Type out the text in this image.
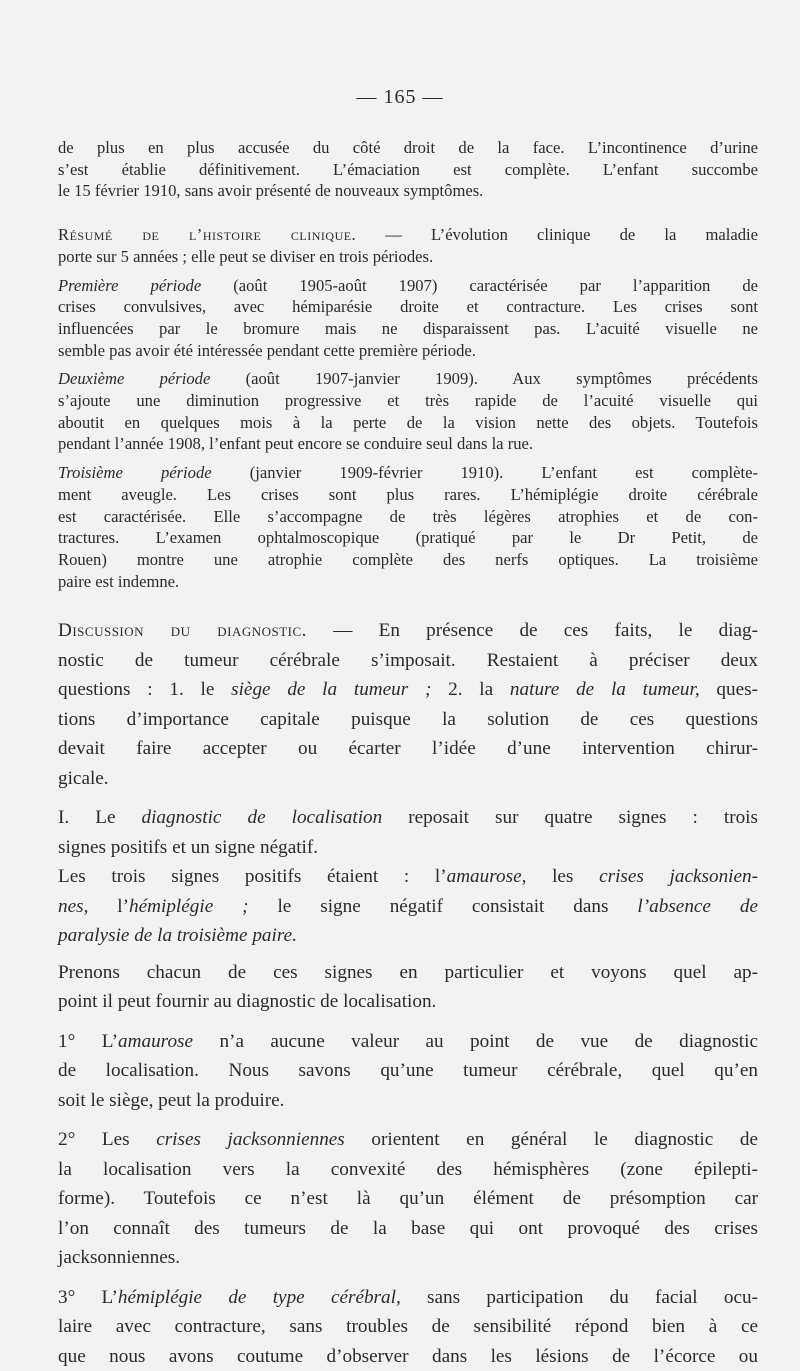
— 165 —
de plus en plus accusée du côté droit de la face. L’incontinence d’urine
s’est établie définitivement. L’émaciation est complète. L’enfant succombe
le 15 février 1910, sans avoir présenté de nouveaux symptômes.
Résumé de l’histoire clinique. — L’évolution clinique de la maladie
porte sur 5 années ; elle peut se diviser en trois périodes.
Première période (août 1905-août 1907) caractérisée par l’apparition de
crises convulsives, avec hémiparésie droite et contracture. Les crises sont
influencées par le bromure mais ne disparaissent pas. L’acuité visuelle ne
semble pas avoir été intéressée pendant cette première période.
Deuxième période (août 1907-janvier 1909). Aux symptômes précédents
s’ajoute une diminution progressive et très rapide de l’acuité visuelle qui
aboutit en quelques mois à la perte de la vision nette des objets. Toutefois
pendant l’année 1908, l’enfant peut encore se conduire seul dans la rue.
Troisième période (janvier 1909-février 1910). L’enfant est complète-
ment aveugle. Les crises sont plus rares. L’hémiplégie droite cérébrale
est caractérisée. Elle s’accompagne de très légères atrophies et de con-
tractures. L’examen ophtalmoscopique (pratiqué par le Dr Petit, de
Rouen) montre une atrophie complète des nerfs optiques. La troisième
paire est indemne.
Discussion du diagnostic. — En présence de ces faits, le diag-
nostic de tumeur cérébrale s’imposait. Restaient à préciser deux
questions : 1. le siège de la tumeur ; 2. la nature de la tumeur, ques-
tions d’importance capitale puisque la solution de ces questions
devait faire accepter ou écarter l’idée d’une intervention chirur-
gicale.
I. Le diagnostic de localisation reposait sur quatre signes : trois
signes positifs et un signe négatif.
Les trois signes positifs étaient : l’amaurose, les crises jacksonien-
nes, l’hémiplégie ; le signe négatif consistait dans l’absence de
paralysie de la troisième paire.
Prenons chacun de ces signes en particulier et voyons quel ap-
point il peut fournir au diagnostic de localisation.
1° L’amaurose n’a aucune valeur au point de vue de diagnostic
de localisation. Nous savons qu’une tumeur cérébrale, quel qu’en
soit le siège, peut la produire.
2° Les crises jacksonniennes orientent en général le diagnostic de
la localisation vers la convexité des hémisphères (zone épilepti-
forme). Toutefois ce n’est là qu’un élément de présomption car
l’on connaît des tumeurs de la base qui ont provoqué des crises
jacksonniennes.
3° L’hémiplégie de type cérébral, sans participation du facial ocu-
laire avec contracture, sans troubles de sensibilité répond bien à ce
que nous avons coutume d’observer dans les lésions de l’écorce ou
